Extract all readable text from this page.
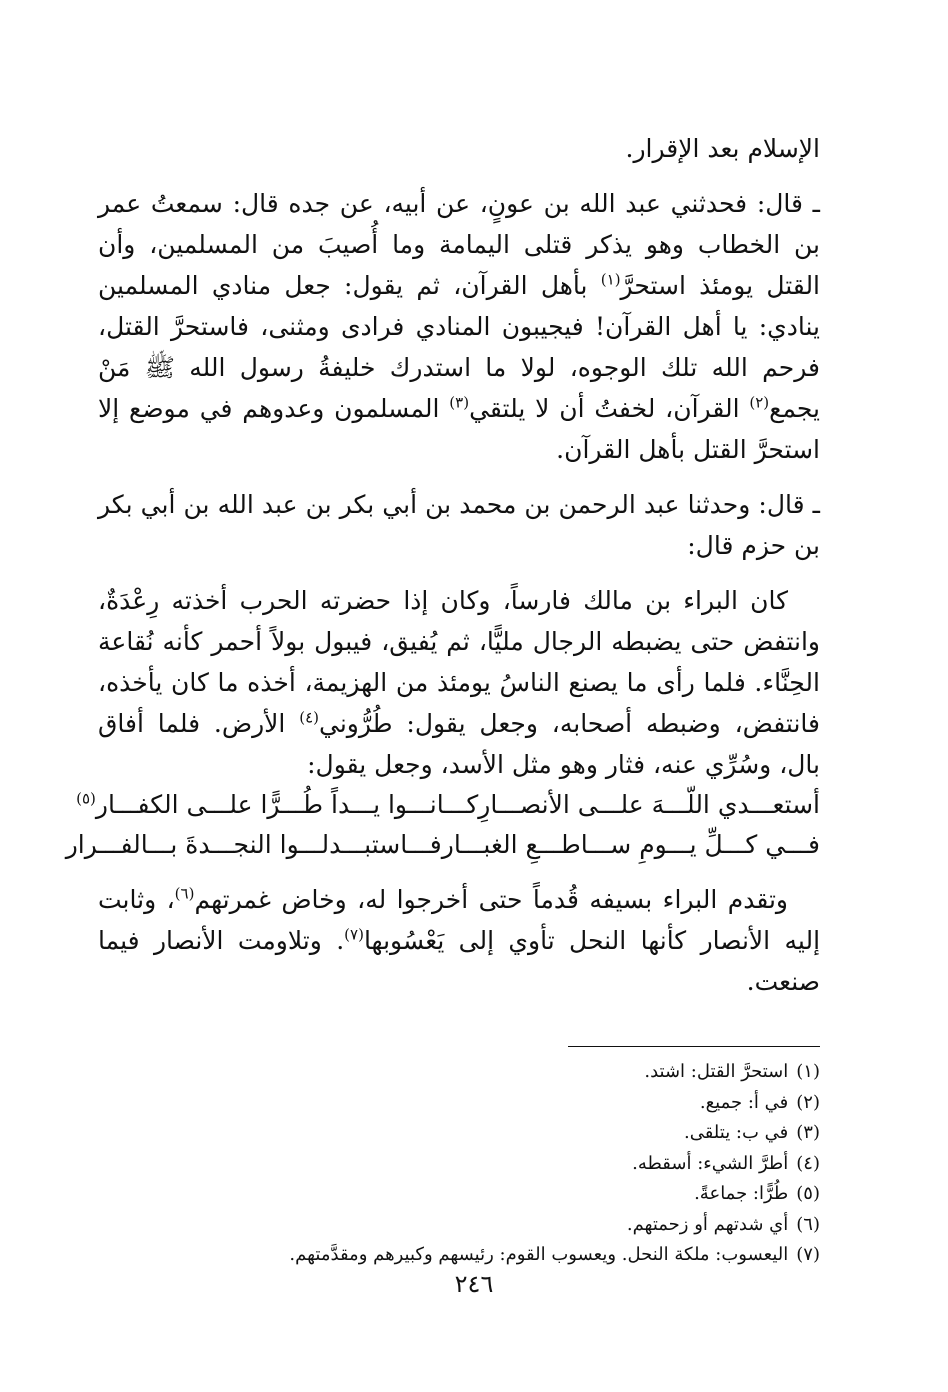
الإسلام بعد الإقرار.

ـ قال: فحدثني عبد الله بن عونٍ، عن أبيه، عن جده قال: سمعتُ عمر بن الخطاب وهو يذكر قتلى اليمامة وما أُصيبَ من المسلمين، وأن القتل يومئذ استحرَّ$^{(١)}$ بأهل القرآن، ثم يقول: جعل منادي المسلمين ينادي: يا أهل القرآن! فيجيبون المنادي فرادى ومثنى، فاستحرَّ القتل، فرحم الله تلك الوجوه، لولا ما استدرك خليفةُ رسول الله ﷺ مَنْ يجمع$^{(٢)}$ القرآن، لخفتُ أن لا يلتقي$^{(٣)}$ المسلمون وعدوهم في موضع إلا استحرَّ القتل بأهل القرآن.

ـ قال: وحدثنا عبد الرحمن بن محمد بن أبي بكر بن عبد الله بن أبي بكر بن حزم قال:

كان البراء بن مالك فارساً، وكان إذا حضرته الحرب أخذته رِعْدَةٌ، وانتفض حتى يضبطه الرجال مليًّا، ثم يُفيق، فيبول بولاً أحمر كأنه نُقاعة الحِنَّاء. فلما رأى ما يصنع الناسُ يومئذ من الهزيمة، أخذه ما كان يأخذه، فانتفض، وضبطه أصحابه، وجعل يقول: طُرُّوني$^{(٤)}$ الأرض. فلما أفاق بال، وسُرِّي عنه، فثار وهو مثل الأسد، وجعل يقول:

أستعـــدي اللّـــهَ علـــى الأنصـــارِ
كـــانـــوا يـــداً طُـــرًّا علـــى الكفـــار$^{(٥)}$
فـــي كـــلِّ يـــومِ ســـاطـــعِ الغبـــار
فـــاستبـــدلـــوا النجـــدةَ بـــالفـــرار

وتقدم البراء بسيفه قُدماً حتى أخرجوا له، وخاض غمرتهم$^{(٦)}$، وثابت إليه الأنصار كأنها النحل تأوي إلى يَعْسُوبها$^{(٧)}$. وتلاومت الأنصار فيما صنعت.

(١)استحرَّ القتل: اشتد.
(٢)في أ: جميع.
(٣)في ب: يتلقى.
(٤)أطرَّ الشيء: أسقطه.
(٥)طُرًّا: جماعةً.
(٦)أي شدتهم أو زحمتهم.
(٧)اليعسوب: ملكة النحل. ويعسوب القوم: رئيسهم وكبيرهم ومقدَّمتهم.
٢٤٦
